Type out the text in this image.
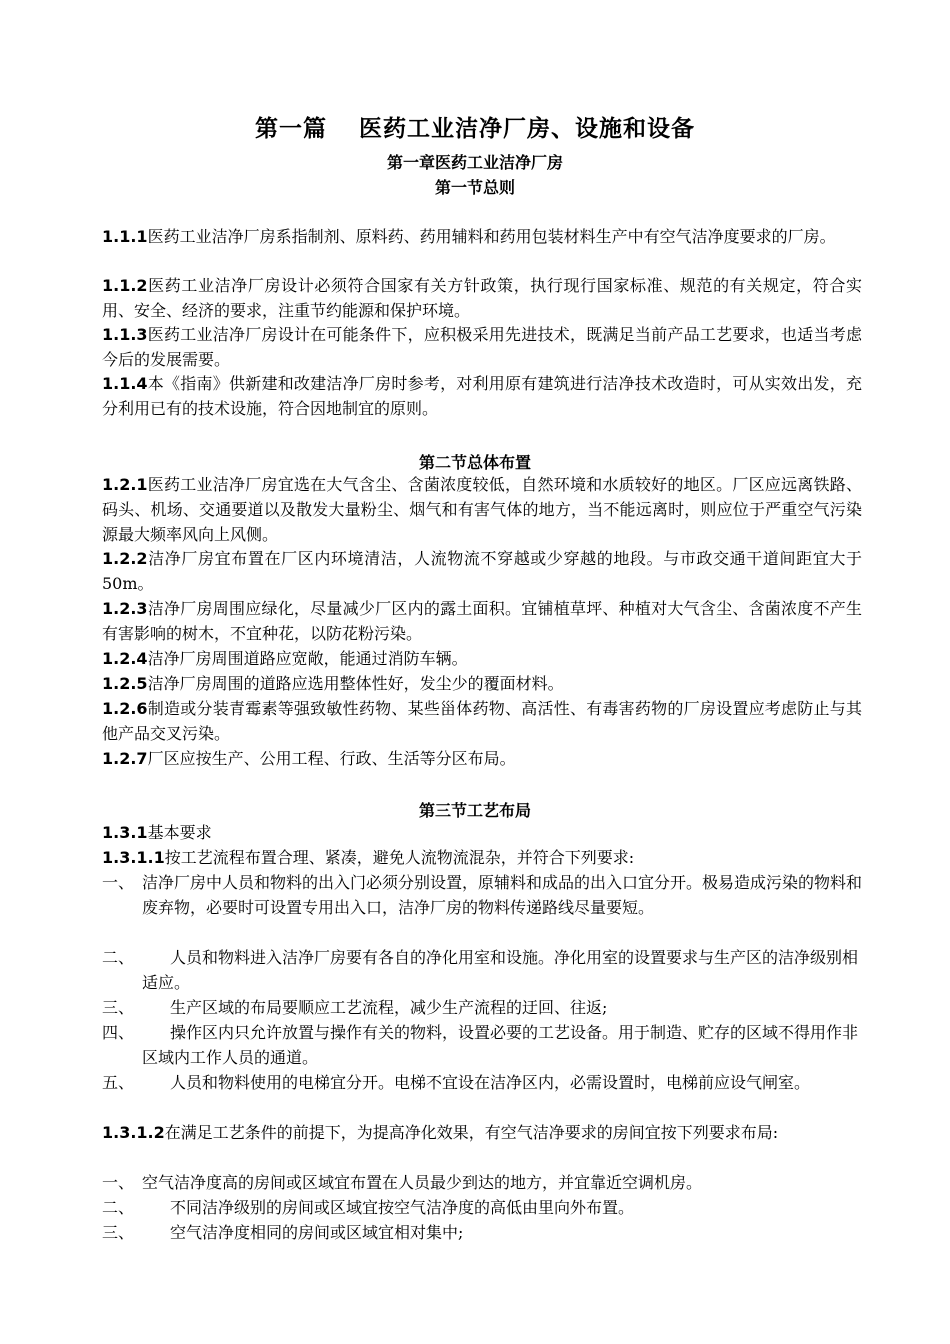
第一篇 医药工业洁净厂房、设施和设备
第一章医药工业洁净厂房
第一节总则

1.1.1医药工业洁净厂房系指制剂、原料药、药用辅料和药用包装材料生产中有空气洁净度要求的厂房。

1.1.2医药工业洁净厂房设计必须符合国家有关方针政策，执行现行国家标准、规范的有关规定，符合实用、安全、经济的要求，注重节约能源和保护环境。

1.1.3医药工业洁净厂房设计在可能条件下，应积极采用先进技术，既满足当前产品工艺要求，也适当考虑今后的发展需要。

1.1.4本《指南》供新建和改建洁净厂房时参考，对利用原有建筑进行洁净技术改造时，可从实效出发，充分利用已有的技术设施，符合因地制宜的原则。

第二节总体布置

1.2.1医药工业洁净厂房宜选在大气含尘、含菌浓度较低，自然环境和水质较好的地区。厂区应远离铁路、码头、机场、交通要道以及散发大量粉尘、烟气和有害气体的地方，当不能远离时，则应位于严重空气污染源最大频率风向上风侧。

1.2.2洁净厂房宜布置在厂区内环境清洁，人流物流不穿越或少穿越的地段。与市政交通干道间距宜大于50m。

1.2.3洁净厂房周围应绿化，尽量减少厂区内的露土面积。宜铺植草坪、种植对大气含尘、含菌浓度不产生有害影响的树木，不宜种花，以防花粉污染。

1.2.4洁净厂房周围道路应宽敞，能通过消防车辆。

1.2.5洁净厂房周围的道路应选用整体性好，发尘少的覆面材料。

1.2.6制造或分装青霉素等强致敏性药物、某些甾体药物、高活性、有毒害药物的厂房设置应考虑防止与其他产品交叉污染。

1.2.7厂区应按生产、公用工程、行政、生活等分区布局。

第三节工艺布局

1.3.1基本要求

1.3.1.1按工艺流程布置合理、紧凑，避免人流物流混杂，并符合下列要求:

一、 洁净厂房中人员和物料的出入门必须分别设置，原辅料和成品的出入口宜分开。极易造成污染的物料和废弃物，必要时可设置专用出入口，洁净厂房的物料传递路线尽量要短。
二、	人员和物料进入洁净厂房要有各自的净化用室和设施。净化用室的设置要求与生产区的洁净级别相适应。
三、	生产区域的布局要顺应工艺流程，减少生产流程的迂回、往返;
四、	操作区内只允许放置与操作有关的物料，设置必要的工艺设备。用于制造、贮存的区域不得用作非区域内工作人员的通道。
五、	人员和物料使用的电梯宜分开。电梯不宜设在洁净区内，必需设置时，电梯前应设气闸室。

1.3.1.2在满足工艺条件的前提下，为提高净化效果，有空气洁净要求的房间宜按下列要求布局:

一、 空气洁净度高的房间或区域宜布置在人员最少到达的地方，并宜靠近空调机房。
二、	不同洁净级别的房间或区域宜按空气洁净度的高低由里向外布置。
三、	空气洁净度相同的房间或区域宜相对集中;
